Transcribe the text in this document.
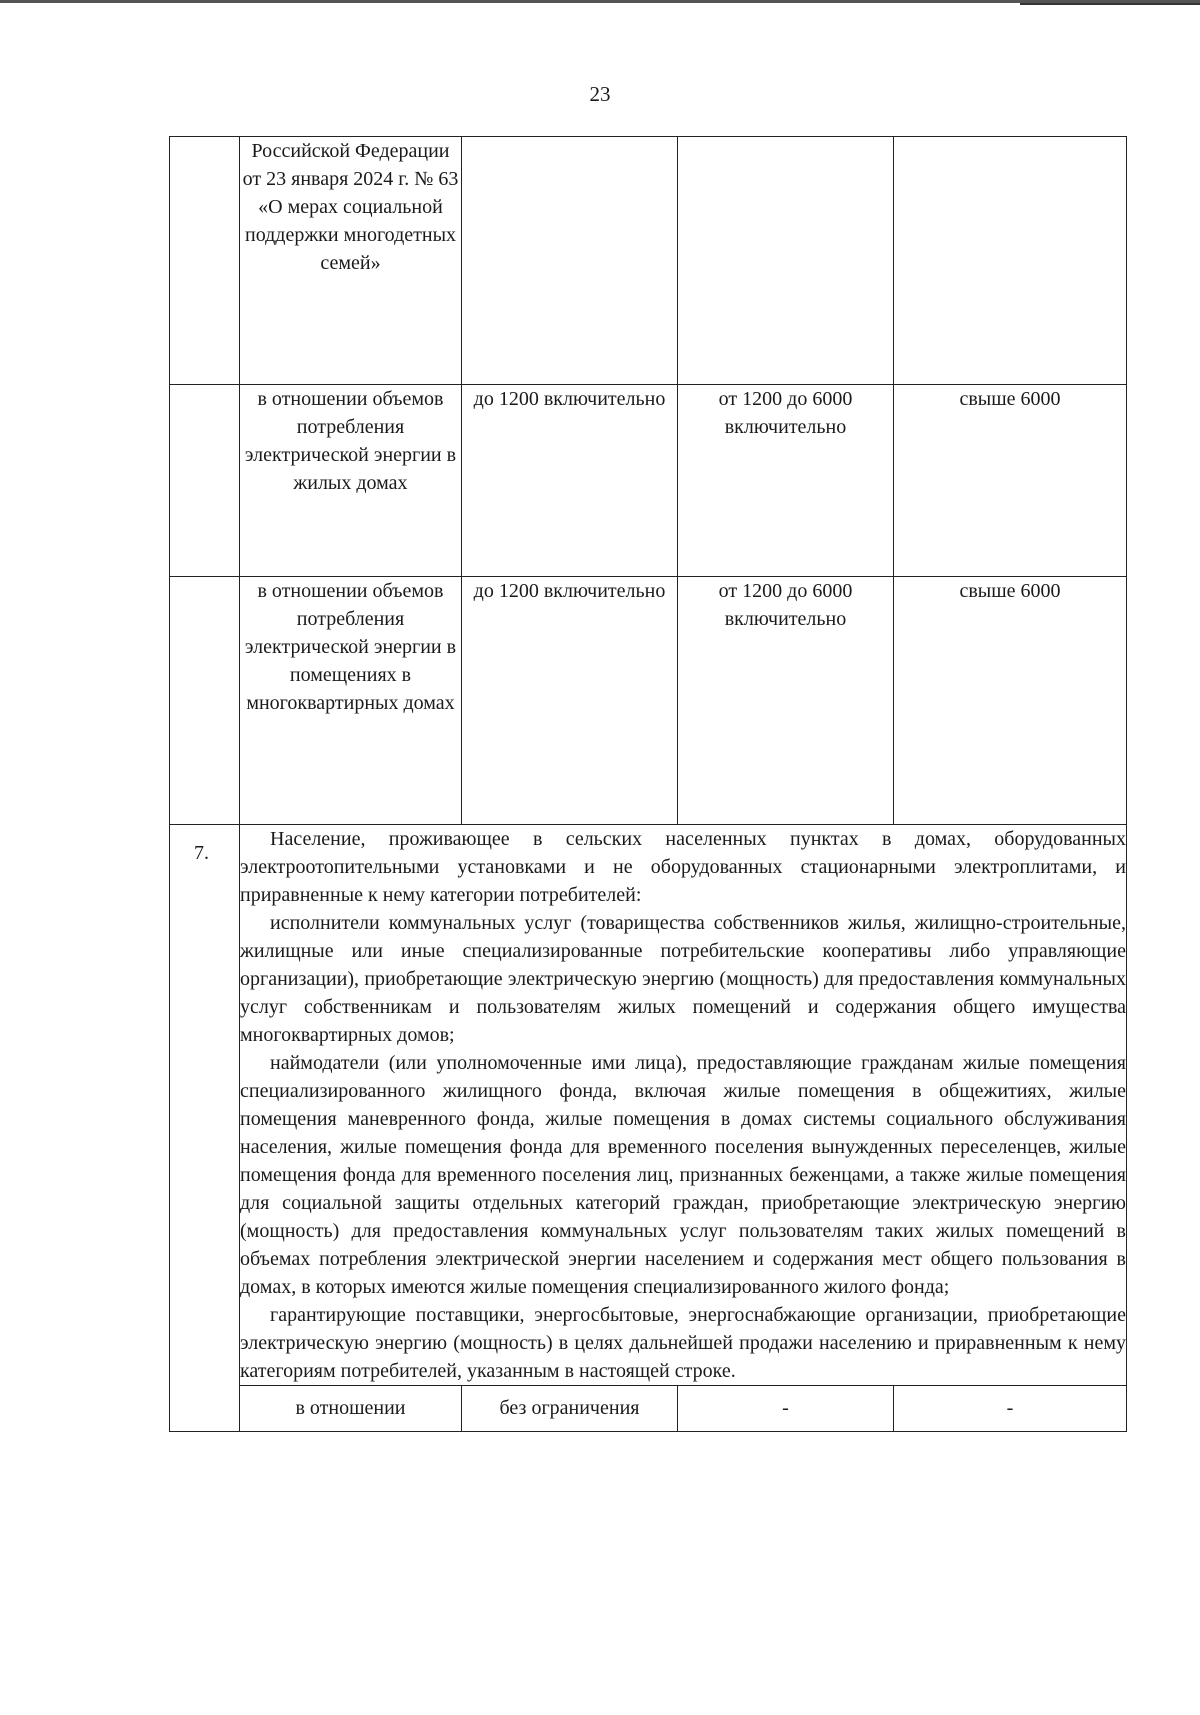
23
	Российской Федерации от 23 января 2024 г. № 63 «О мерах социальной поддержки многодетных семей»			
	в отношении объемов потребления электрической энергии в жилых домах	до 1200 включительно	от 1200 до 6000 включительно	свыше 6000
	в отношении объемов потребления электрической энергии в помещениях в многоквартирных домах	до 1200 включительно	от 1200 до 6000 включительно	свыше 6000

7.	Население, проживающее в сельских населенных пунктах в домах, оборудованных электроотопительными установками и не оборудованных стационарными электроплитами, и приравненные к нему категории потребителей:

исполнители коммунальных услуг (товарищества собственников жилья, жилищно-строительные, жилищные или иные специализированные потребительские кооперативы либо управляющие организации), приобретающие электрическую энергию (мощность) для предоставления коммунальных услуг собственникам и пользователям жилых помещений и содержания общего имущества многоквартирных домов;

наймодатели (или уполномоченные ими лица), предоставляющие гражданам жилые помещения специализированного жилищного фонда, включая жилые помещения в общежитиях, жилые помещения маневренного фонда, жилые помещения в домах системы социального обслуживания населения, жилые помещения фонда для временного поселения вынужденных переселенцев, жилые помещения фонда для временного поселения лиц, признанных беженцами, а также жилые помещения для социальной защиты отдельных категорий граждан, приобретающие электрическую энергию (мощность) для предоставления коммунальных услуг пользователям таких жилых помещений в объемах потребления электрической энергии населением и содержания мест общего пользования в домах, в которых имеются жилые помещения специализированного жилого фонда;

гарантирующие поставщики, энергосбытовые, энергоснабжающие организации, приобретающие электрическую энергию (мощность) в целях дальнейшей продажи населению и приравненным к нему категориям потребителей, указанным в настоящей строке.			

	в отношении	без ограничения	-	-
